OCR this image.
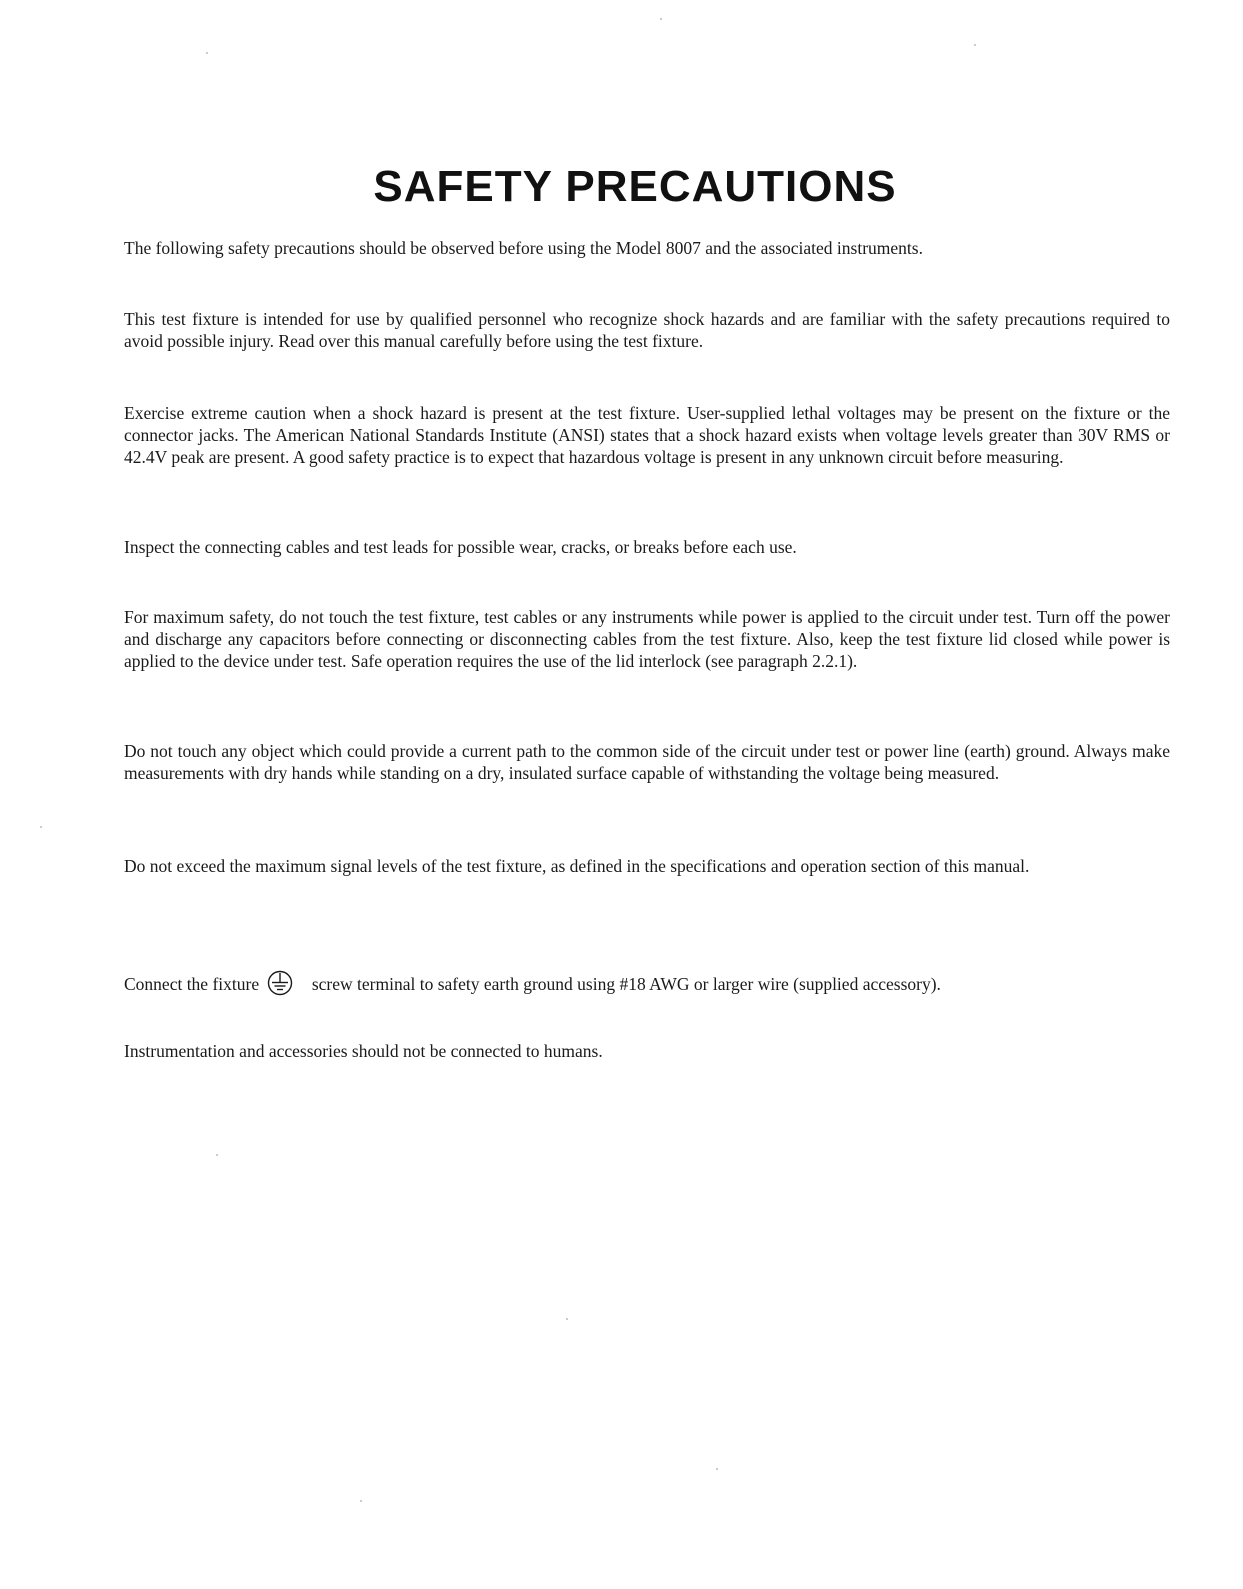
SAFETY PRECAUTIONS

The following safety precautions should be observed before using the Model 8007 and the associated instruments.

This test fixture is intended for use by qualified personnel who recognize shock hazards and are familiar with the safety precautions required to avoid possible injury. Read over this manual carefully before using the test fixture.

Exercise extreme caution when a shock hazard is present at the test fixture. User-supplied lethal voltages may be present on the fixture or the connector jacks. The American National Standards Institute (ANSI) states that a shock hazard exists when voltage levels greater than 30V RMS or 42.4V peak are present. A good safety practice is to expect that hazardous voltage is present in any unknown circuit before measuring.

Inspect the connecting cables and test leads for possible wear, cracks, or breaks before each use.

For maximum safety, do not touch the test fixture, test cables or any instruments while power is applied to the circuit under test. Turn off the power and discharge any capacitors before connecting or disconnecting cables from the test fixture. Also, keep the test fixture lid closed while power is applied to the device under test. Safe operation requires the use of the lid interlock (see paragraph 2.2.1).

Do not touch any object which could provide a current path to the common side of the circuit under test or power line (earth) ground. Always make measurements with dry hands while standing on a dry, insulated surface capable of withstanding the voltage being measured.

Do not exceed the maximum signal levels of the test fixture, as defined in the specifications and operation section of this manual.

Connect the fixture	screw terminal to safety earth ground using #18 AWG or larger wire (supplied accessory).

Instrumentation and accessories should not be connected to humans.
